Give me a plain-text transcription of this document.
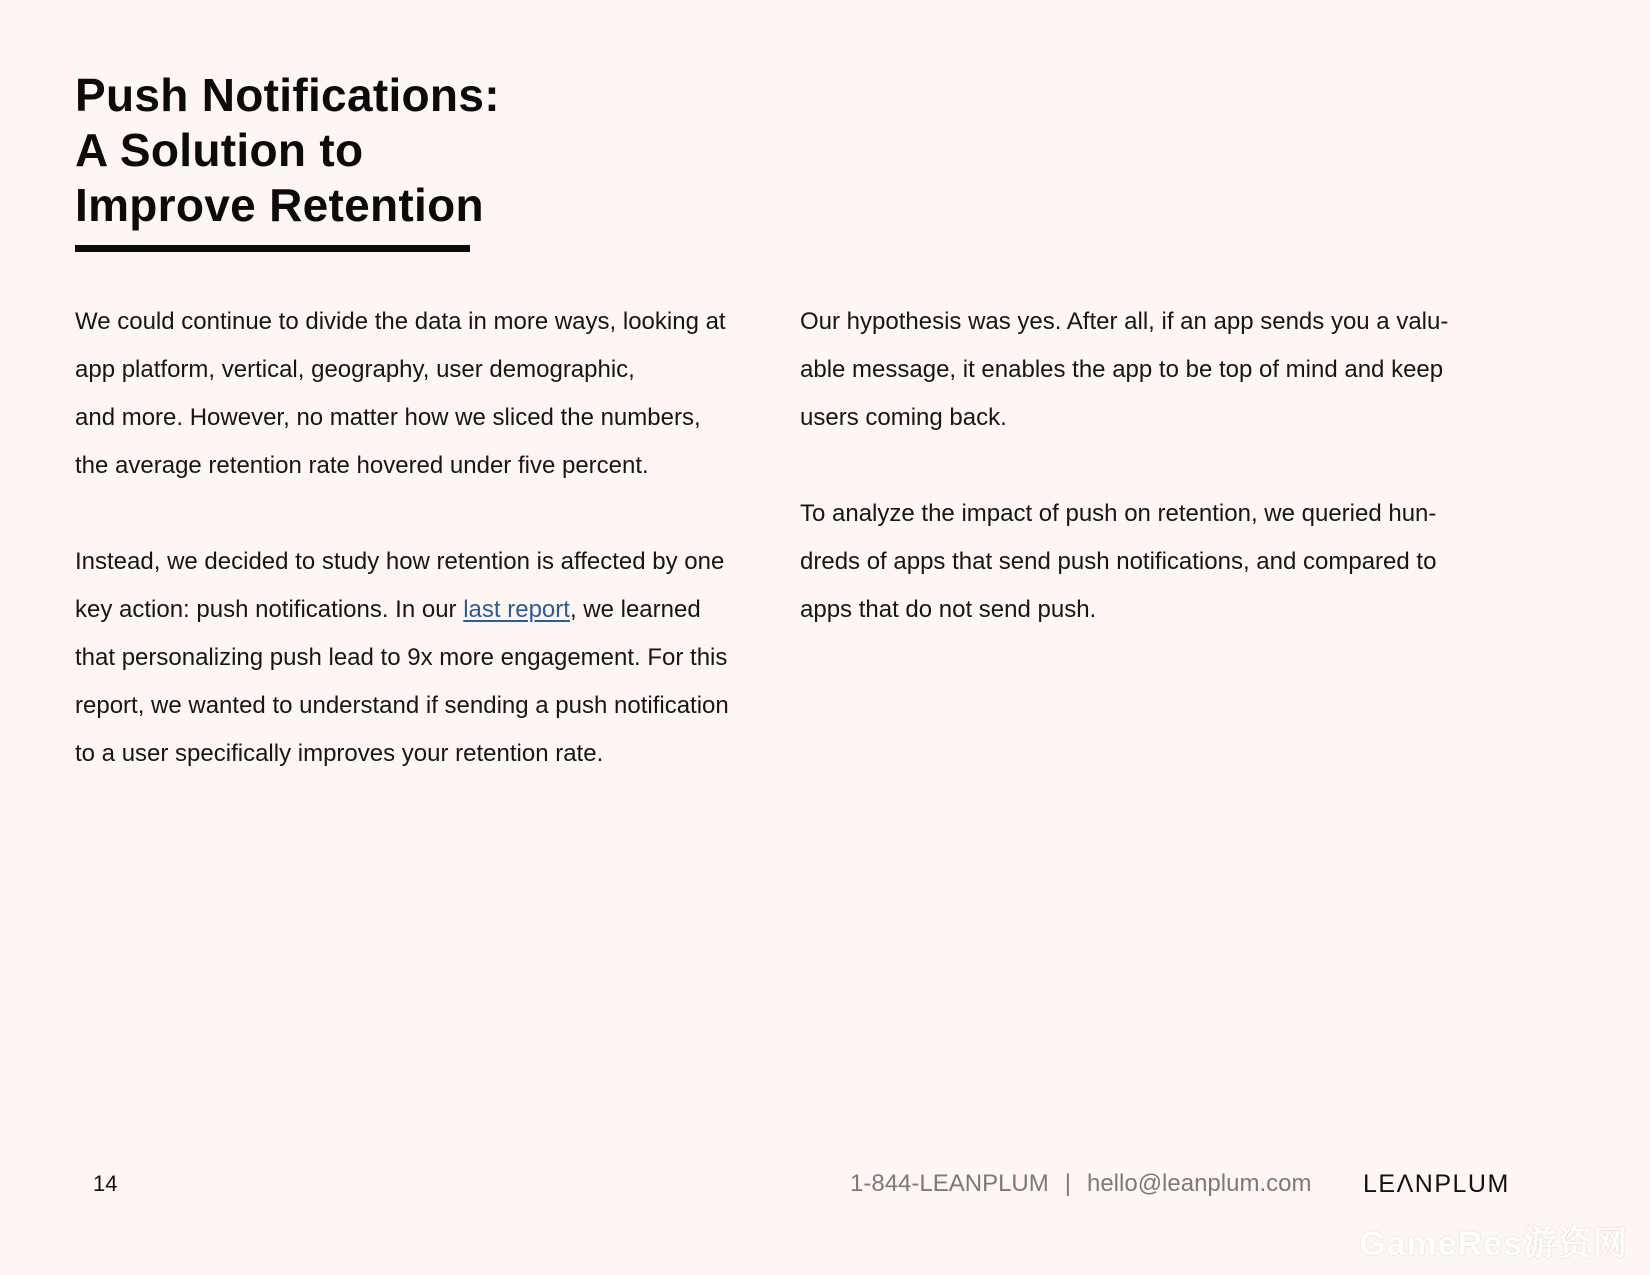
Push Notifications:
A Solution to
Improve Retention

We could continue to divide the data in more ways, looking at
app platform, vertical, geography, user demographic,
and more. However, no matter how we sliced the numbers,
the average retention rate hovered under five percent.

Instead, we decided to study how retention is affected by one
key action: push notifications. In our last report, we learned
that personalizing push lead to 9x more engagement. For this
report, we wanted to understand if sending a push notification
to a user specifically improves your retention rate.

Our hypothesis was yes. After all, if an app sends you a valu-
able message, it enables the app to be top of mind and keep
users coming back.

To analyze the impact of push on retention, we queried hun-
dreds of apps that send push notifications, and compared to
apps that do not send push.

14	1-844-LEANPLUM | hello@leanplum.com LEΛNPLUM
GameRes游资网
